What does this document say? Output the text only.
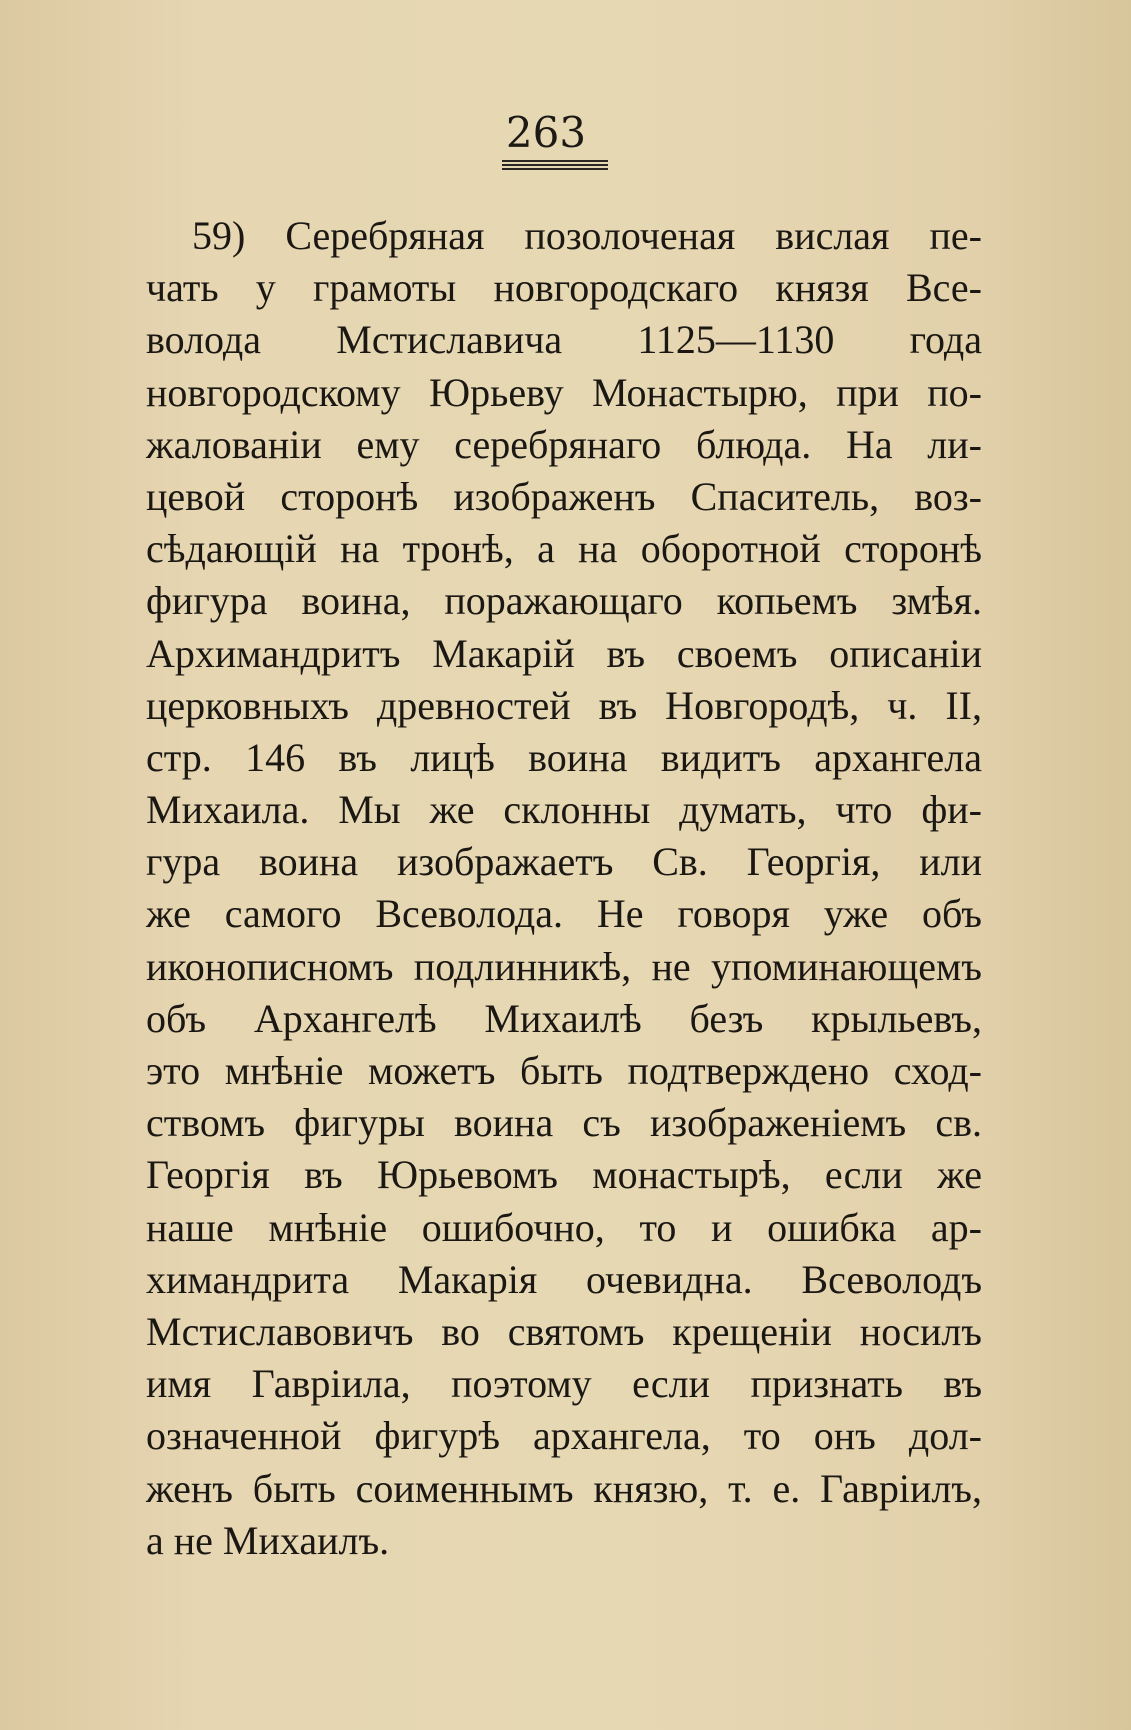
263
59) Серебряная позолоченая вислая пе-
чать у грамоты новгородскаго князя Все-
волода Мстиславича 1125—1130 года
новгородскому Юрьеву Монастырю, при по-
жалованіи ему серебрянаго блюда. На ли-
цевой сторонѣ изображенъ Спаситель, воз-
сѣдающій на тронѣ, а на оборотной сторонѣ
фигура воина, поражающаго копьемъ змѣя.
Архимандритъ Макарій въ своемъ описаніи
церковныхъ древностей въ Новгородѣ, ч. II,
стр. 146 въ лицѣ воина видитъ архангела
Михаила. Мы же склонны думать, что фи-
гура воина изображаетъ Св. Георгія, или
же самого Всеволода. Не говоря уже объ
иконописномъ подлинникѣ, не упоминающемъ
объ Архангелѣ Михаилѣ безъ крыльевъ,
это мнѣніе можетъ быть подтверждено сход-
ствомъ фигуры воина съ изображеніемъ св.
Георгія въ Юрьевомъ монастырѣ, если же
наше мнѣніе ошибочно, то и ошибка ар-
химандрита Макарія очевидна. Всеволодъ
Мстиславовичъ во святомъ крещеніи носилъ
имя Гавріила, поэтому если признать въ
означенной фигурѣ архангела, то онъ дол-
женъ быть соименнымъ князю, т. е. Гавріилъ,
а не Михаилъ.
